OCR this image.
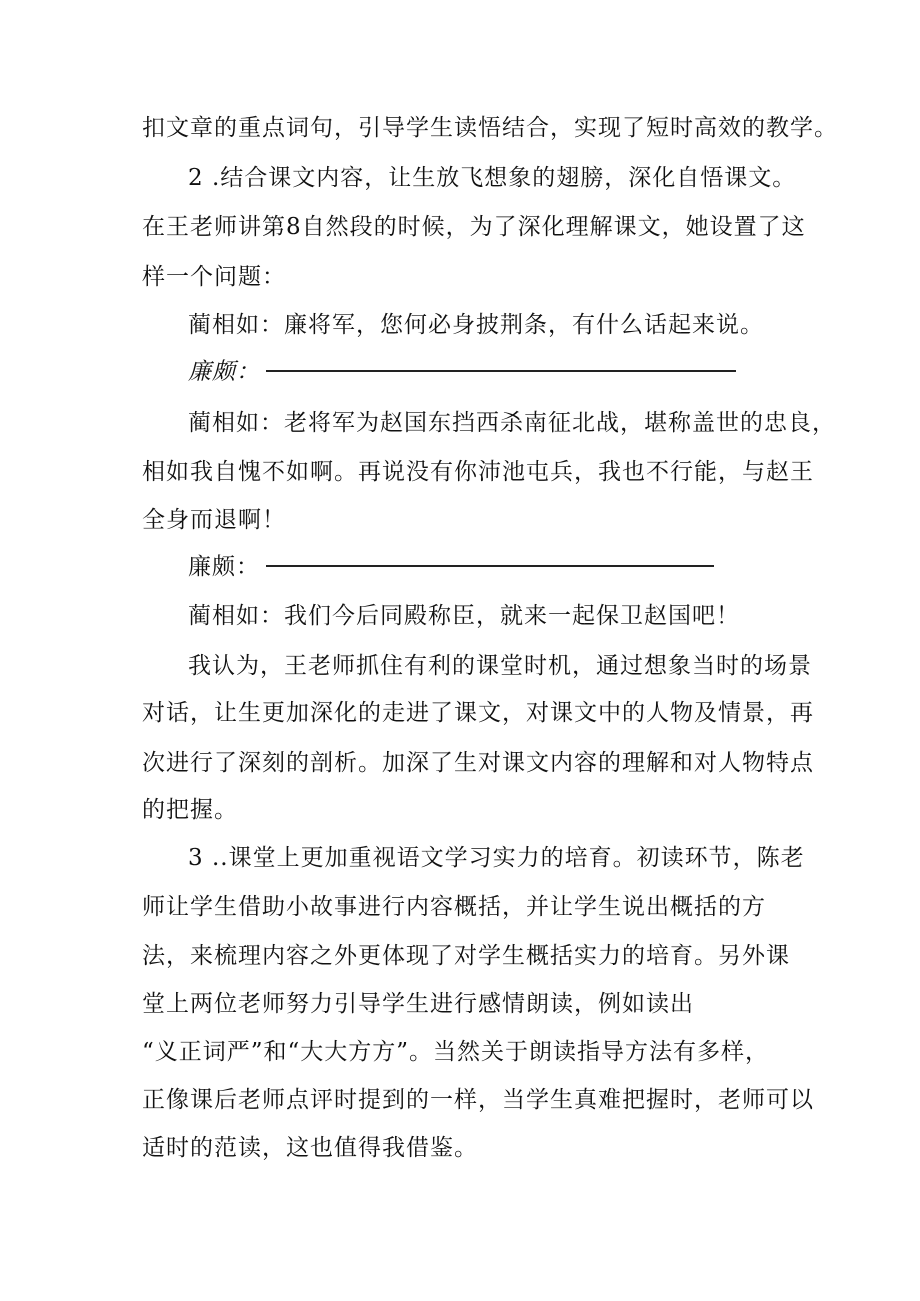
扣文章的重点词句，引导学生读悟结合，实现了短时高效的教学。
2 .结合课文内容，让生放飞想象的翅膀，深化自悟课文。
在王老师讲第8自然段的时候，为了深化理解课文，她设置了这
样一个问题：
蔺相如：廉将军，您何必身披荆条，有什么话起来说。
廉颇：
蔺相如：老将军为赵国东挡西杀南征北战，堪称盖世的忠良，
相如我自愧不如啊。再说没有你沛池屯兵，我也不行能，与赵王
全身而退啊！
廉颇：
蔺相如：我们今后同殿称臣，就来一起保卫赵国吧！
我认为，王老师抓住有利的课堂时机，通过想象当时的场景
对话，让生更加深化的走进了课文，对课文中的人物及情景，再
次进行了深刻的剖析。加深了生对课文内容的理解和对人物特点
的把握。
3 ..课堂上更加重视语文学习实力的培育。初读环节，陈老
师让学生借助小故事进行内容概括，并让学生说出概括的方
法，来梳理内容之外更体现了对学生概括实力的培育。另外课
堂上两位老师努力引导学生进行感情朗读，例如读出
“义正词严”和“大大方方”。当然关于朗读指导方法有多样，
正像课后老师点评时提到的一样，当学生真难把握时，老师可以
适时的范读，这也值得我借鉴。
